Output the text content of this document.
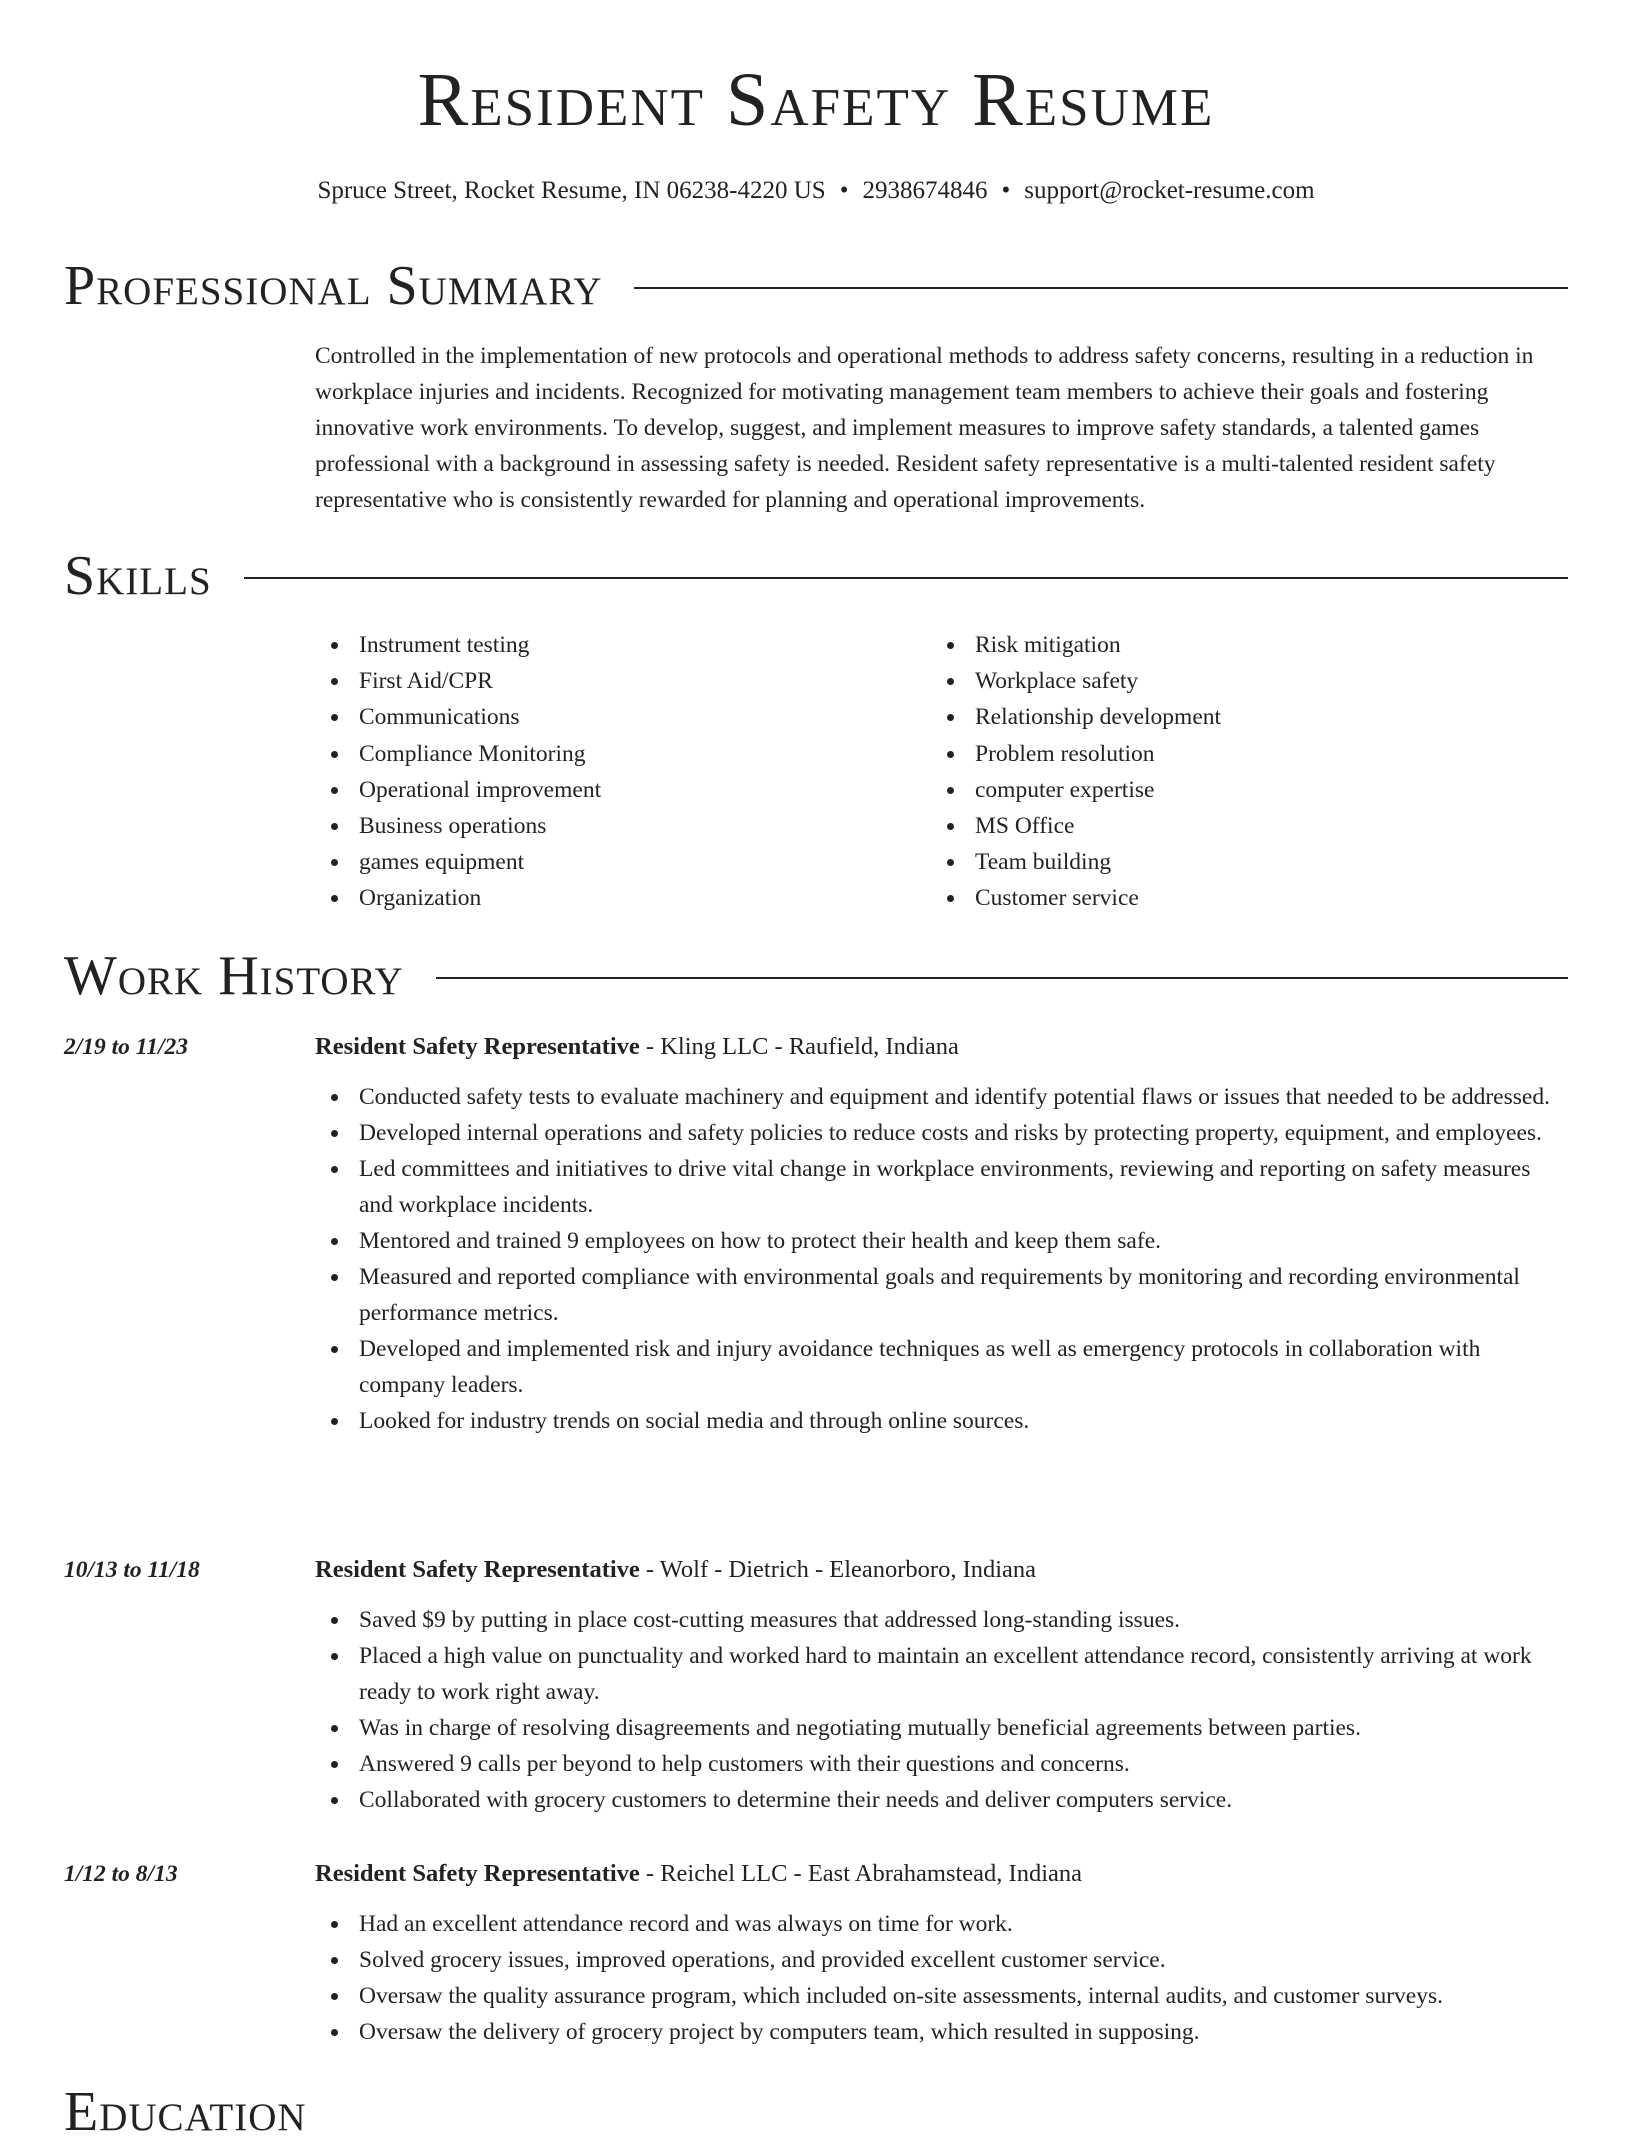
Resident Safety Resume
Spruce Street, Rocket Resume, IN 06238-4220 US • 2938674846 • support@rocket-resume.com
Professional Summary

Controlled in the implementation of new protocols and operational methods to address safety concerns, resulting in a reduction in workplace injuries and incidents. Recognized for motivating management team members to achieve their goals and fostering innovative work environments. To develop, suggest, and implement measures to improve safety standards, a talented games professional with a background in assessing safety is needed. Resident safety representative is a multi-talented resident safety representative who is consistently rewarded for planning and operational improvements.

Skills
Instrument testing
First Aid/CPR
Communications
Compliance Monitoring
Operational improvement
Business operations
games equipment
Organization
Risk mitigation
Workplace safety
Relationship development
Problem resolution
computer expertise
MS Office
Team building
Customer service
Work History
2/19 to 11/23	Resident Safety Representative - Kling LLC - Raufield, Indiana
Conducted safety tests to evaluate machinery and equipment and identify potential flaws or issues that needed to be addressed.
Developed internal operations and safety policies to reduce costs and risks by protecting property, equipment, and employees.
Led committees and initiatives to drive vital change in workplace environments, reviewing and reporting on safety measures and workplace incidents.
Mentored and trained 9 employees on how to protect their health and keep them safe.
Measured and reported compliance with environmental goals and requirements by monitoring and recording environmental performance metrics.
Developed and implemented risk and injury avoidance techniques as well as emergency protocols in collaboration with company leaders.
Looked for industry trends on social media and through online sources.
10/13 to 11/18	Resident Safety Representative - Wolf - Dietrich - Eleanorboro, Indiana
Saved $9 by putting in place cost-cutting measures that addressed long-standing issues.
Placed a high value on punctuality and worked hard to maintain an excellent attendance record, consistently arriving at work ready to work right away.
Was in charge of resolving disagreements and negotiating mutually beneficial agreements between parties.
Answered 9 calls per beyond to help customers with their questions and concerns.
Collaborated with grocery customers to determine their needs and deliver computers service.
1/12 to 8/13	Resident Safety Representative - Reichel LLC - East Abrahamstead, Indiana
Had an excellent attendance record and was always on time for work.
Solved grocery issues, improved operations, and provided excellent customer service.
Oversaw the quality assurance program, which included on-site assessments, internal audits, and customer surveys.
Oversaw the delivery of grocery project by computers team, which resulted in supposing.
Education
